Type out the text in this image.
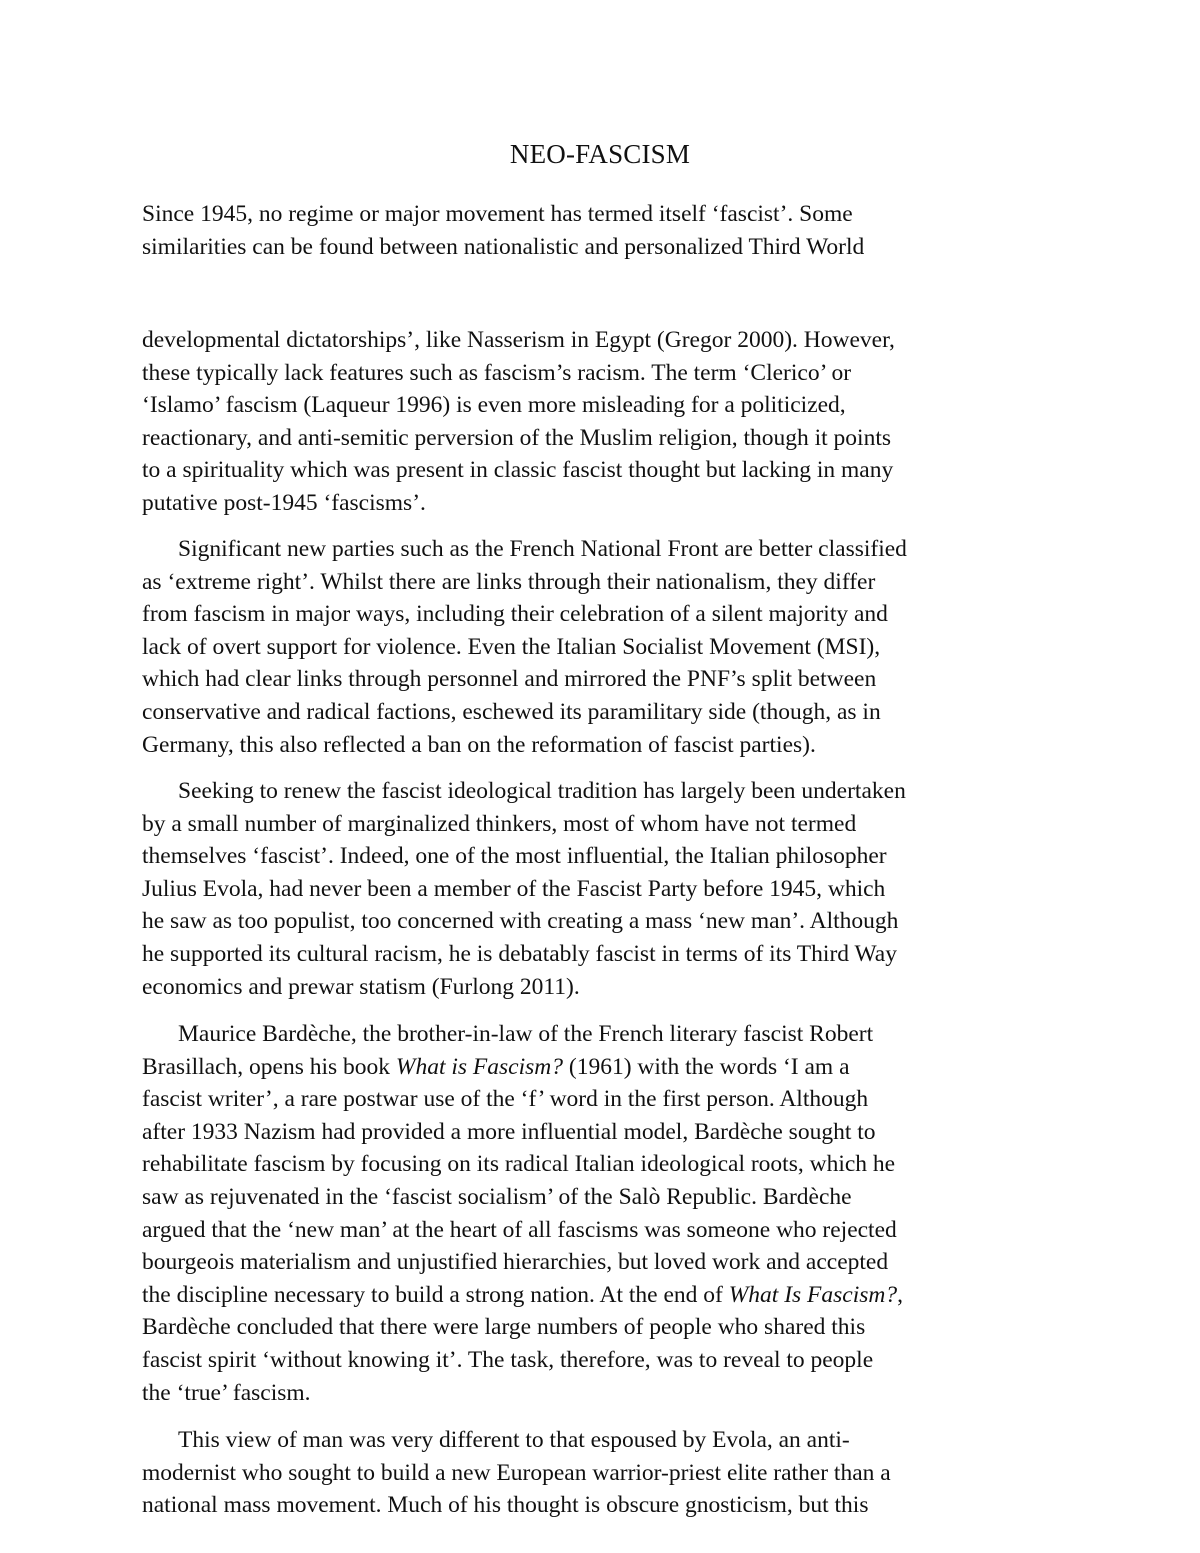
NEO-FASCISM
Since 1945, no regime or major movement has termed itself ‘fascist’. Some
similarities can be found between nationalistic and personalized Third World
developmental dictatorships’, like Nasserism in Egypt (Gregor 2000). However,
these typically lack features such as fascism’s racism. The term ‘Clerico’ or
‘Islamo’ fascism (Laqueur 1996) is even more misleading for a politicized,
reactionary, and anti-semitic perversion of the Muslim religion, though it points
to a spirituality which was present in classic fascist thought but lacking in many
putative post-1945 ‘fascisms’.
Significant new parties such as the French National Front are better classified
as ‘extreme right’. Whilst there are links through their nationalism, they differ
from fascism in major ways, including their celebration of a silent majority and
lack of overt support for violence. Even the Italian Socialist Movement (MSI),
which had clear links through personnel and mirrored the PNF’s split between
conservative and radical factions, eschewed its paramilitary side (though, as in
Germany, this also reflected a ban on the reformation of fascist parties).
Seeking to renew the fascist ideological tradition has largely been undertaken
by a small number of marginalized thinkers, most of whom have not termed
themselves ‘fascist’. Indeed, one of the most influential, the Italian philosopher
Julius Evola, had never been a member of the Fascist Party before 1945, which
he saw as too populist, too concerned with creating a mass ‘new man’. Although
he supported its cultural racism, he is debatably fascist in terms of its Third Way
economics and prewar statism (Furlong 2011).
Maurice Bardèche, the brother-in-law of the French literary fascist Robert
Brasillach, opens his book What is Fascism? (1961) with the words ‘I am a
fascist writer’, a rare postwar use of the ‘f’ word in the first person. Although
after 1933 Nazism had provided a more influential model, Bardèche sought to
rehabilitate fascism by focusing on its radical Italian ideological roots, which he
saw as rejuvenated in the ‘fascist socialism’ of the Salò Republic. Bardèche
argued that the ‘new man’ at the heart of all fascisms was someone who rejected
bourgeois materialism and unjustified hierarchies, but loved work and accepted
the discipline necessary to build a strong nation. At the end of What Is Fascism?,
Bardèche concluded that there were large numbers of people who shared this
fascist spirit ‘without knowing it’. The task, therefore, was to reveal to people
the ‘true’ fascism.
This view of man was very different to that espoused by Evola, an anti-
modernist who sought to build a new European warrior-priest elite rather than a
national mass movement. Much of his thought is obscure gnosticism, but this
